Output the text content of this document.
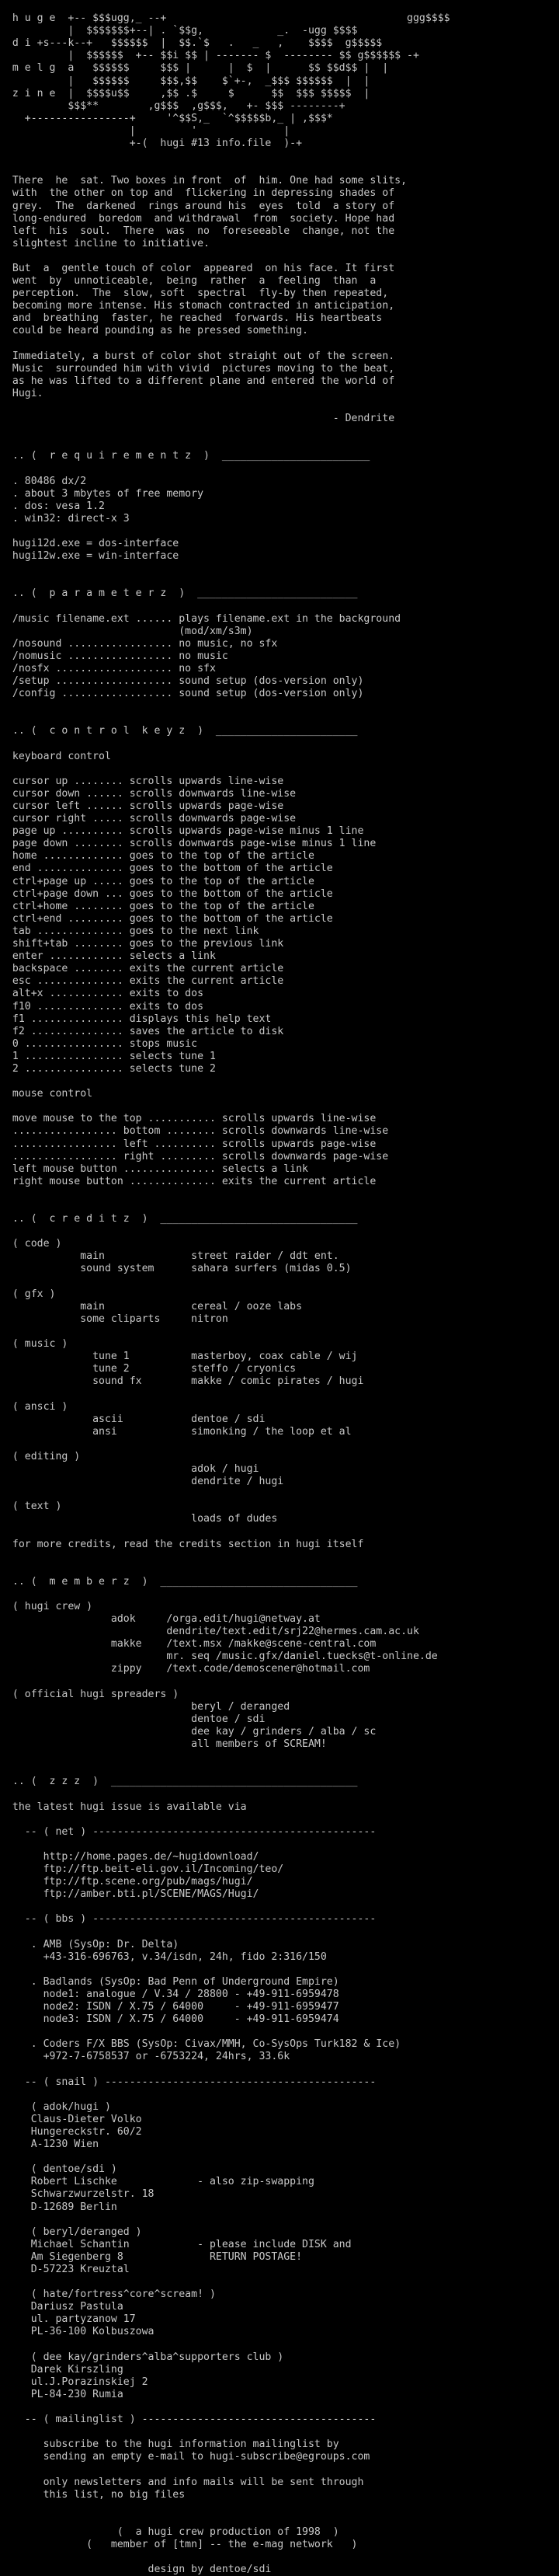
h u g e  +-- $$$ugg,_ --+                                       ggg$$$$
|  $$$$$$$+--| . `$$g,            _.  -ugg $$$$
d i +s---k--+   $$$$$$  |  $$.`$   .   _   ,    $$$$  g$$$$$
|  $$$$$$  +-- $$i $$ | ------- $  -------- $$ g$$$$$$ -+
m e l g  a   $$$$$$     $$$ |      |  $  |      $$ $$d$$ |  |
|   $$$$$$     $$$,$$    $`+-,  _$$$ $$$$$$  |  |
z i n e  |  $$$$u$$     ,$$ .$     $      $$  $$$ $$$$$  |
$$$**        ,g$$$  ,g$$$,   +- $$$ --------+
+----------------+     '^$$S,_  `^$$$$$b,_ | ,$$$*
|         '              |
+-(  hugi #13 info.file  )-+

There  he  sat. Two boxes in front  of  him. One had some slits,
with  the other on top and  flickering in depressing shades of
grey.  The  darkened  rings around his  eyes  told  a story of
long-endured  boredom  and withdrawal  from  society. Hope had
left  his  soul.  There  was  no  foreseeable  change, not the
slightest incline to initiative.

But  a  gentle touch of color  appeared  on his face. It first
went  by  unnoticeable,  being  rather  a  feeling  than  a
perception.  The  slow, soft  spectral  fly-by then repeated,
becoming more intense. His stomach contracted in anticipation,
and  breathing  faster, he reached  forwards. His heartbeats
could be heard pounding as he pressed something.

Immediately, a burst of color shot straight out of the screen.
Music  surrounded him with vivid  pictures moving to the beat,
as he was lifted to a different plane and entered the world of
Hugi.

- Dendrite

.. (  r e q u i r e m e n t z  )  ________________________

. 80486 dx/2
. about 3 mbytes of free memory
. dos: vesa 1.2
. win32: direct-x 3

hugi12d.exe = dos-interface
hugi12w.exe = win-interface

.. (  p a r a m e t e r z  )  __________________________

/music filename.ext ...... plays filename.ext in the background
(mod/xm/s3m)
/nosound ................. no music, no sfx
/nomusic ................. no music
/nosfx ................... no sfx
/setup ................... sound setup (dos-version only)
/config .................. sound setup (dos-version only)

.. (  c o n t r o l  k e y z  )  _______________________

keyboard control

cursor up ........ scrolls upwards line-wise
cursor down ...... scrolls downwards line-wise
cursor left ...... scrolls upwards page-wise
cursor right ..... scrolls downwards page-wise
page up .......... scrolls upwards page-wise minus 1 line
page down ........ scrolls downwards page-wise minus 1 line
home ............. goes to the top of the article
end .............. goes to the bottom of the article
ctrl+page up ..... goes to the top of the article
ctrl+page down ... goes to the bottom of the article
ctrl+home ........ goes to the top of the article
ctrl+end ......... goes to the bottom of the article
tab .............. goes to the next link
shift+tab ........ goes to the previous link
enter ............ selects a link
backspace ........ exits the current article
esc .............. exits the current article
alt+x ............ exits to dos
f10 .............. exits to dos
f1 ............... displays this help text
f2 ............... saves the article to disk
0 ................ stops music
1 ................ selects tune 1
2 ................ selects tune 2

mouse control

move mouse to the top ........... scrolls upwards line-wise
................. bottom ........ scrolls downwards line-wise
................. left .......... scrolls upwards page-wise
................. right ......... scrolls downwards page-wise
left mouse button ............... selects a link
right mouse button .............. exits the current article

.. (  c r e d i t z  )  ________________________________

( code )
main              street raider / ddt ent.
sound system      sahara surfers (midas 0.5)

( gfx )
main              cereal / ooze labs
some cliparts     nitron

( music )
tune 1          masterboy, coax cable / wij
tune 2          steffo / cryonics
sound fx        makke / comic pirates / hugi

( ansci )
ascii           dentoe / sdi
ansi            simonking / the loop et al

( editing )
adok / hugi
dendrite / hugi

( text )
loads of dudes

for more credits, read the credits section in hugi itself

.. (  m e m b e r z  )  ________________________________

( hugi crew )
adok     /orga.edit/hugi@netway.at
dendrite/text.edit/srj22@hermes.cam.ac.uk
makke    /text.msx /makke@scene-central.com
mr. seq /music.gfx/daniel.tuecks@t-online.de
zippy    /text.code/demoscener@hotmail.com

( official hugi spreaders )
beryl / deranged
dentoe / sdi
dee kay / grinders / alba / sc
all members of SCREAM!

.. (  z z z  )  ________________________________________

the latest hugi issue is available via

-- ( net ) ----------------------------------------------

http://home.pages.de/~hugidownload/
ftp://ftp.beit-eli.gov.il/Incoming/teo/
ftp://ftp.scene.org/pub/mags/hugi/
ftp://amber.bti.pl/SCENE/MAGS/Hugi/

-- ( bbs ) ----------------------------------------------

. AMB (SysOp: Dr. Delta)
+43-316-696763, v.34/isdn, 24h, fido 2:316/150

. Badlands (SysOp: Bad Penn of Underground Empire)
node1: analogue / V.34 / 28800 - +49-911-6959478
node2: ISDN / X.75 / 64000     - +49-911-6959477
node3: ISDN / X.75 / 64000     - +49-911-6959474

. Coders F/X BBS (SysOp: Civax/MMH, Co-SysOps Turk182 & Ice)
+972-7-6758537 or -6753224, 24hrs, 33.6k

-- ( snail ) --------------------------------------------

( adok/hugi )
Claus-Dieter Volko
Hungereckstr. 60/2
A-1230 Wien

( dentoe/sdi )
Robert Lischke             - also zip-swapping
Schwarzwurzelstr. 18
D-12689 Berlin

( beryl/deranged )
Michael Schantin           - please include DISK and
Am Siegenberg 8              RETURN POSTAGE!
D-57223 Kreuztal

( hate/fortress^core^scream! )
Dariusz Pastula
ul. partyzanow 17
PL-36-100 Kolbuszowa

( dee kay/grinders^alba^supporters club )
Darek Kirszling
ul.J.Porazinskiej 2
PL-84-230 Rumia

-- ( mailinglist ) --------------------------------------

subscribe to the hugi information mailinglist by
sending an empty e-mail to hugi-subscribe@egroups.com

only newsletters and info mails will be sent through
this list, no big files

(  a hugi crew production of 1998  )
(   member of [tmn] -- the e-mag network   )

design by dentoe/sdi
